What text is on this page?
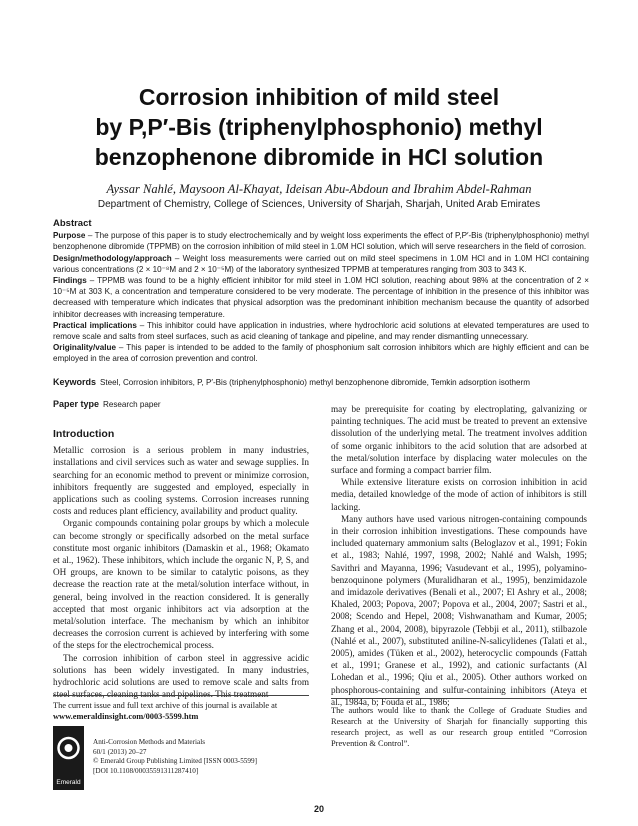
Corrosion inhibition of mild steel
by P,P′-Bis (triphenylphosphonio) methyl
benzophenone dibromide in HCl solution

Ayssar Nahlé, Maysoon Al-Khayat, Ideisan Abu-Abdoun and Ibrahim Abdel-Rahman

Department of Chemistry, College of Sciences, University of Sharjah, Sharjah, United Arab Emirates

Abstract

Purpose – The purpose of this paper is to study electrochemically and by weight loss experiments the effect of P,P′-Bis (triphenylphosphonio) methyl benzophenone dibromide (TPPMB) on the corrosion inhibition of mild steel in 1.0M HCl solution, which will serve researchers in the field of corrosion.

Design/methodology/approach – Weight loss measurements were carried out on mild steel specimens in 1.0M HCl and in 1.0M HCl containing various concentrations (2 × 10⁻⁸M and 2 × 10⁻⁵M) of the laboratory synthesized TPPMB at temperatures ranging from 303 to 343 K.

Findings – TPPMB was found to be a highly efficient inhibitor for mild steel in 1.0M HCl solution, reaching about 98% at the concentration of 2 × 10⁻⁵M at 303 K, a concentration and temperature considered to be very moderate. The percentage of inhibition in the presence of this inhibitor was decreased with temperature which indicates that physical adsorption was the predominant inhibition mechanism because the quantity of adsorbed inhibitor decreases with increasing temperature.

Practical implications – This inhibitor could have application in industries, where hydrochloric acid solutions at elevated temperatures are used to remove scale and salts from steel surfaces, such as acid cleaning of tankage and pipeline, and may render dismantling unnecessary.

Originality/value – This paper is intended to be added to the family of phosphonium salt corrosion inhibitors which are highly efficient and can be employed in the area of corrosion prevention and control.

Keywords Steel, Corrosion inhibitors, P, P′-Bis (triphenylphosphonio) methyl benzophenone dibromide, Temkin adsorption isotherm

Paper type Research paper

Introduction

Metallic corrosion is a serious problem in many industries, installations and civil services such as water and sewage supplies. In searching for an economic method to prevent or minimize corrosion, inhibitors frequently are suggested and employed, especially in applications such as cooling systems. Corrosion increases running costs and reduces plant efficiency, availability and product quality.

Organic compounds containing polar groups by which a molecule can become strongly or specifically adsorbed on the metal surface constitute most organic inhibitors (Damaskin et al., 1968; Okamato et al., 1962). These inhibitors, which include the organic N, P, S, and OH groups, are known to be similar to catalytic poisons, as they decrease the reaction rate at the metal/solution interface without, in general, being involved in the reaction considered. It is generally accepted that most organic inhibitors act via adsorption at the metal/solution interface. The mechanism by which an inhibitor decreases the corrosion current is achieved by interfering with some of the steps for the electrochemical process.

The corrosion inhibition of carbon steel in aggressive acidic solutions has been widely investigated. In many industries, hydrochloric acid solutions are used to remove scale and salts from steel surfaces, cleaning tanks and pipelines. This treatment

may be prerequisite for coating by electroplating, galvanizing or painting techniques. The acid must be treated to prevent an extensive dissolution of the underlying metal. The treatment involves addition of some organic inhibitors to the acid solution that are adsorbed at the metal/solution interface by displacing water molecules on the surface and forming a compact barrier film.

While extensive literature exists on corrosion inhibition in acid media, detailed knowledge of the mode of action of inhibitors is still lacking.

Many authors have used various nitrogen-containing compounds in their corrosion inhibition investigations. These compounds have included quaternary ammonium salts (Beloglazov et al., 1991; Fokin et al., 1983; Nahlé, 1997, 1998, 2002; Nahlé and Walsh, 1995; Savithri and Mayanna, 1996; Vasudevant et al., 1995), polyamino-benzoquinone polymers (Muralidharan et al., 1995), benzimidazole and imidazole derivatives (Benali et al., 2007; El Ashry et al., 2008; Khaled, 2003; Popova, 2007; Popova et al., 2004, 2007; Sastri et al., 2008; Scendo and Hepel, 2008; Vishwanatham and Kumar, 2005; Zhang et al., 2004, 2008), bipyrazole (Tebbji et al., 2011), stilbazole (Nahlé et al., 2007), substituted aniline-N-salicylidenes (Talati et al., 2005), amides (Tüken et al., 2002), heterocyclic compounds (Fattah et al., 1991; Granese et al., 1992), and cationic surfactants (Al Lohedan et al., 1996; Qiu et al., 2005). Other authors worked on phosphorous-containing and sulfur-containing inhibitors (Ateya et al., 1984a, b; Fouda et al., 1986;

The current issue and full text archive of this journal is available at
www.emeraldinsight.com/0003-5599.htm

The authors would like to thank the College of Graduate Studies and Research at the University of Sharjah for financially supporting this research project, as well as our research group entitled “Corrosion Prevention & Control”.

Emerald
Anti-Corrosion Methods and Materials
60/1 (2013) 20–27
© Emerald Group Publishing Limited [ISSN 0003-5599]
[DOI 10.1108/00035591311287410]

20
